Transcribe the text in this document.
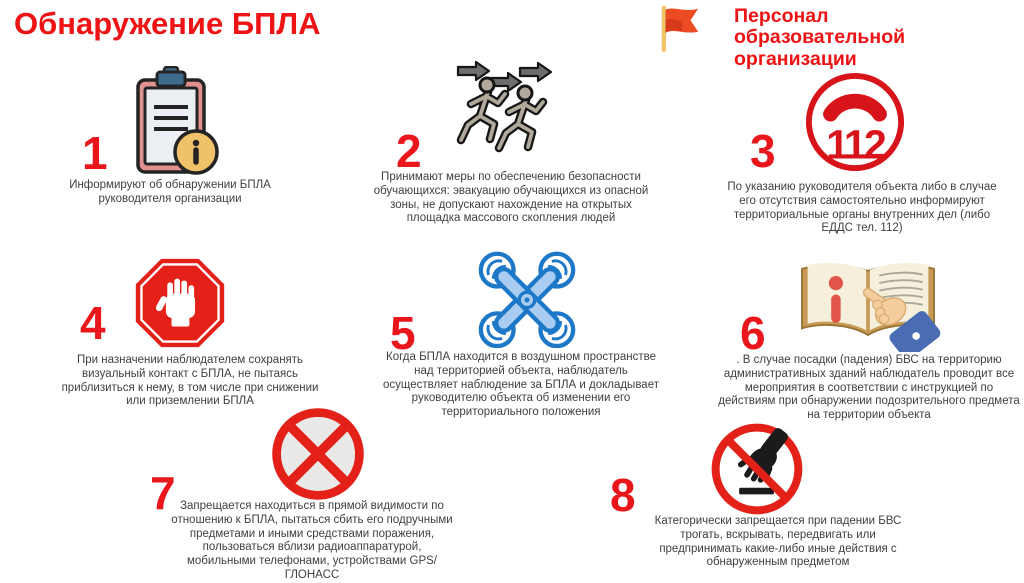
Обнаружение БПЛА	Персонал образовательной организации
1
Информируют об обнаружении БПЛА руководителя организации
2
Принимают меры по обеспечению безопасности обучающихся: эвакуацию обучающихся из опасной зоны, не допускают нахождение на открытых площадка массового скопления людей
3 112
По указанию руководителя объекта либо в случае его отсутствия самостоятельно информируют территориальные органы внутренних дел (либо ЕДДС тел. 112)
4
При назначении наблюдателем сохранять визуальный контакт с БПЛА, не пытаясь приблизиться к нему, в том числе при снижении или приземлении БПЛА
5
Когда БПЛА находится в воздушном пространстве над территорией объекта, наблюдатель осуществляет наблюдение за БПЛА и докладывает руководителю объекта об изменении его территориального положения
6
. В случае посадки (падения) БВС на территорию административных зданий наблюдатель проводит все мероприятия в соответствии с инструкцией по действиям при обнаружении подозрительного предмета на территории объекта
7 Запрещается находиться в прямой видимости по отношению к БПЛА, пытаться сбить его подручными предметами и иными средствами поражения, пользоваться вблизи радиоаппаратурой, мобильными телефонами, устройствами GPS/ГЛОНАСС
8	Категорически запрещается при падении БВС трогать, вскрывать, передвигать или предпринимать какие-либо иные действия с обнаруженным предметом
